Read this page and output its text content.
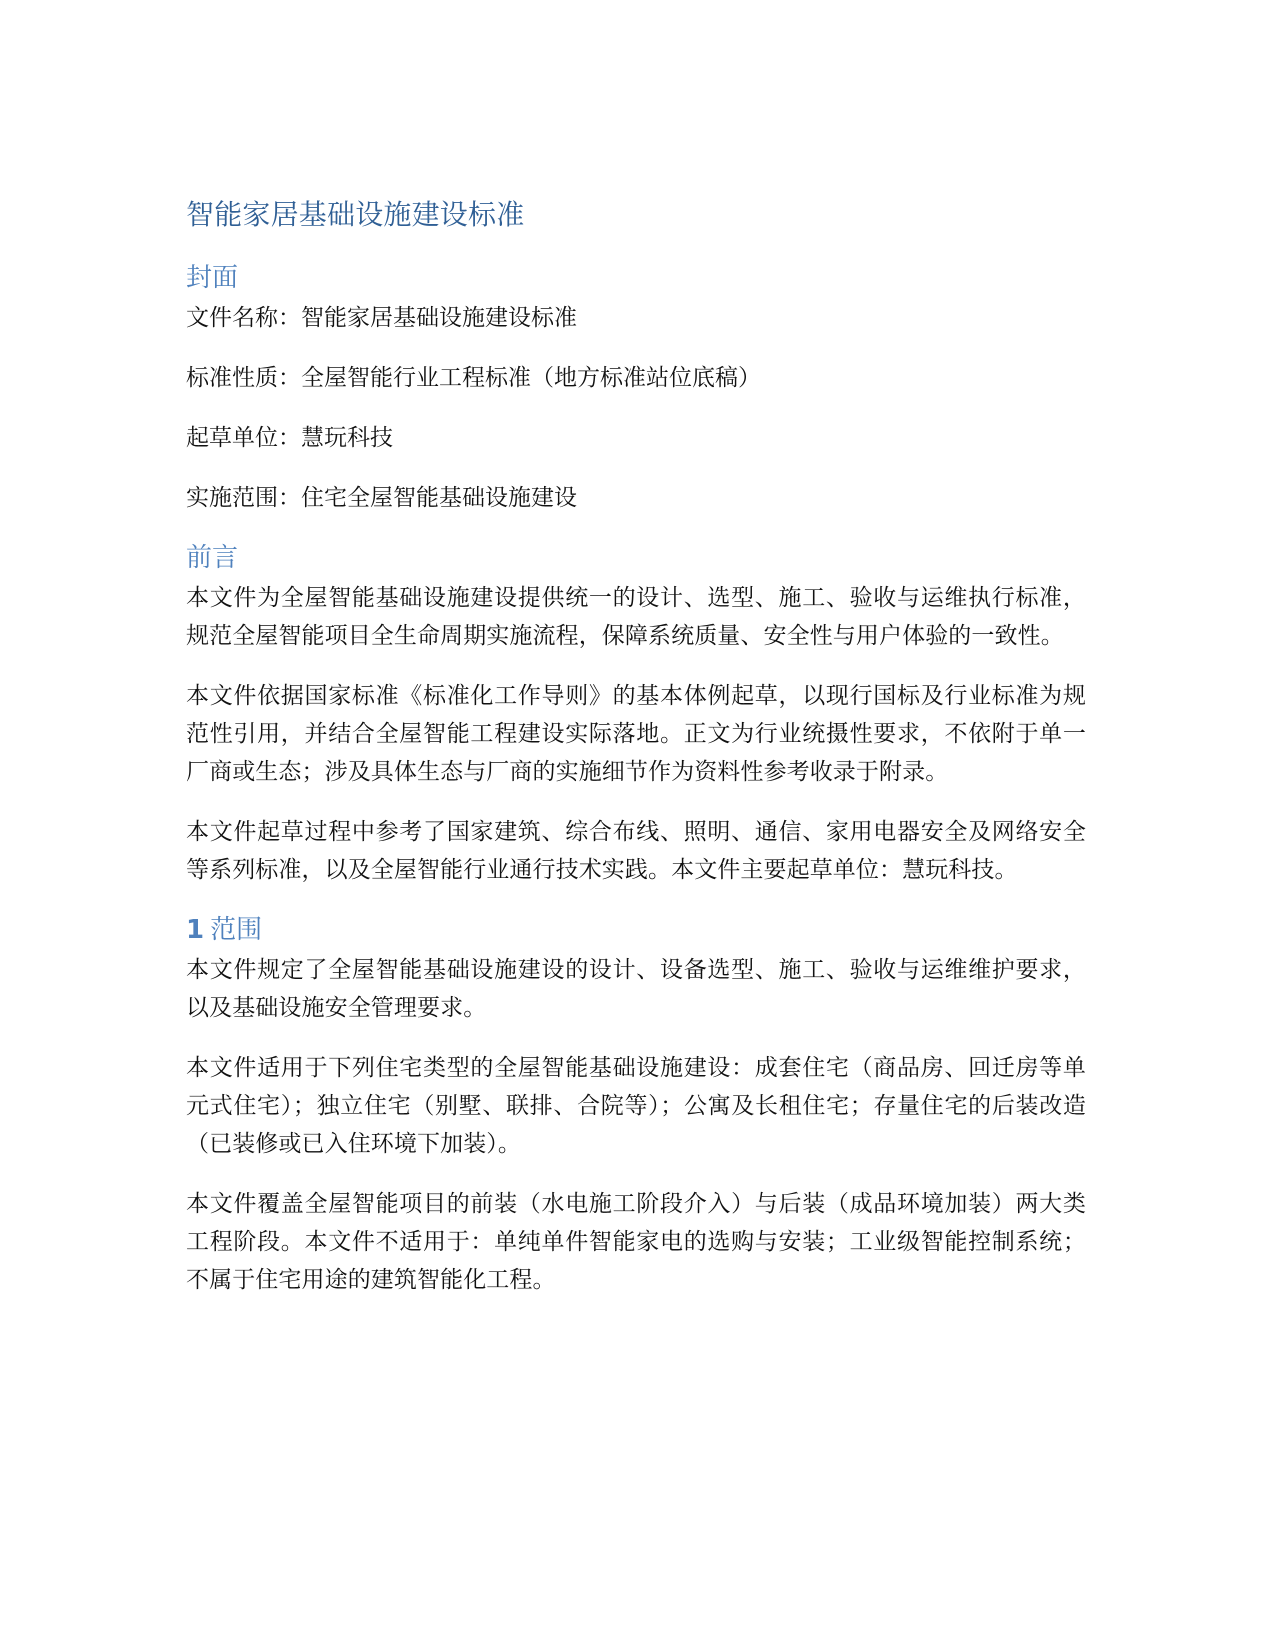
智能家居基础设施建设标准
封面

文件名称：智能家居基础设施建设标准

标准性质：全屋智能行业工程标准（地方标准站位底稿）

起草单位：慧玩科技

实施范围：住宅全屋智能基础设施建设

前言

本文件为全屋智能基础设施建设提供统一的设计、选型、施工、验收与运维执行标准，规范全屋智能项目全生命周期实施流程，保障系统质量、安全性与用户体验的一致性。

本文件依据国家标准《标准化工作导则》的基本体例起草，以现行国标及行业标准为规范性引用，并结合全屋智能工程建设实际落地。正文为行业统摄性要求，不依附于单一厂商或生态；涉及具体生态与厂商的实施细节作为资料性参考收录于附录。

本文件起草过程中参考了国家建筑、综合布线、照明、通信、家用电器安全及网络安全等系列标准，以及全屋智能行业通行技术实践。本文件主要起草单位：慧玩科技。

1 范围

本文件规定了全屋智能基础设施建设的设计、设备选型、施工、验收与运维维护要求，以及基础设施安全管理要求。

本文件适用于下列住宅类型的全屋智能基础设施建设：成套住宅（商品房、回迁房等单元式住宅）；独立住宅（别墅、联排、合院等）；公寓及长租住宅；存量住宅的后装改造（已装修或已入住环境下加装）。

本文件覆盖全屋智能项目的前装（水电施工阶段介入）与后装（成品环境加装）两大类工程阶段。本文件不适用于：单纯单件智能家电的选购与安装；工业级智能控制系统；不属于住宅用途的建筑智能化工程。
